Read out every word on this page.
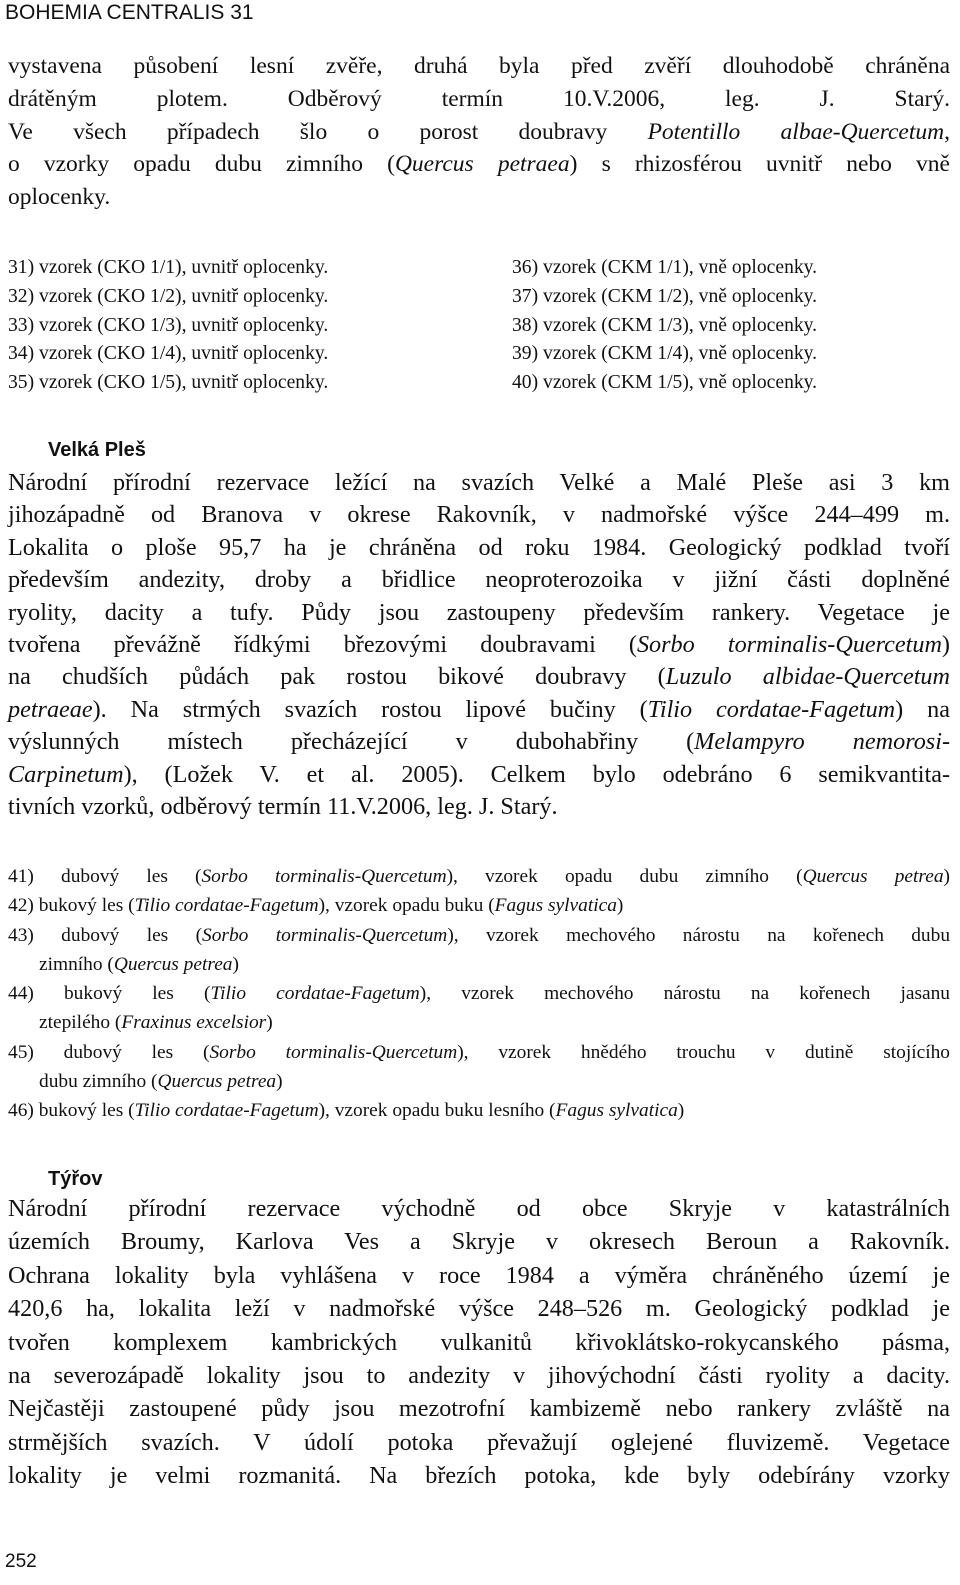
BOHEMIA CENTRALIS 31
vystavena působení lesní zvěře, druhá byla před zvěří dlouhodobě chráněna
drátěným plotem. Odběrový termín 10.V.2006, leg. J. Starý.
Ve všech případech šlo o porost doubravy Potentillo albae-Quercetum,
o vzorky opadu dubu zimního (Quercus petraea) s rhizosférou uvnitř nebo vně
oplocenky.
31) vzorek (CKO 1/1), uvnitř oplocenky.	36) vzorek (CKM 1/1), vně oplocenky.
32) vzorek (CKO 1/2), uvnitř oplocenky.	37) vzorek (CKM 1/2), vně oplocenky.
33) vzorek (CKO 1/3), uvnitř oplocenky.	38) vzorek (CKM 1/3), vně oplocenky.
34) vzorek (CKO 1/4), uvnitř oplocenky.	39) vzorek (CKM 1/4), vně oplocenky.
35) vzorek (CKO 1/5), uvnitř oplocenky.	40) vzorek (CKM 1/5), vně oplocenky.
Velká Pleš
Národní přírodní rezervace ležící na svazích Velké a Malé Pleše asi 3 km
jihozápadně od Branova v okrese Rakovník, v nadmořské výšce 244–499 m.
Lokalita o ploše 95,7 ha je chráněna od roku 1984. Geologický podklad tvoří
především andezity, droby a břidlice neoproterozoika v jižní části doplněné
ryolity, dacity a tufy. Půdy jsou zastoupeny především rankery. Vegetace je
tvořena převážně řídkými březovými doubravami (Sorbo torminalis-Quercetum)
na chudších půdách pak rostou bikové doubravy (Luzulo albidae-Quercetum
petraeae). Na strmých svazích rostou lipové bučiny (Tilio cordatae-Fagetum) na
výslunných místech přecházející v dubohabřiny (Melampyro nemorosi-
Carpinetum), (Ložek V. et al. 2005). Celkem bylo odebráno 6 semikvantita-
tivních vzorků, odběrový termín 11.V.2006, leg. J. Starý.
41) dubový les (Sorbo torminalis-Quercetum), vzorek opadu dubu zimního (Quercus petrea)
42) bukový les (Tilio cordatae-Fagetum), vzorek opadu buku (Fagus sylvatica)
43) dubový les (Sorbo torminalis-Quercetum), vzorek mechového nárostu na kořenech dubu
zimního (Quercus petrea)
44) bukový les (Tilio cordatae-Fagetum), vzorek mechového nárostu na kořenech jasanu
ztepilého (Fraxinus excelsior)
45) dubový les (Sorbo torminalis-Quercetum), vzorek hnědého trouchu v dutině stojícího
dubu zimního (Quercus petrea)
46) bukový les (Tilio cordatae-Fagetum), vzorek opadu buku lesního (Fagus sylvatica)
Týřov
Národní přírodní rezervace východně od obce Skryje v katastrálních
územích Broumy, Karlova Ves a Skryje v okresech Beroun a Rakovník.
Ochrana lokality byla vyhlášena v roce 1984 a výměra chráněného území je
420,6 ha, lokalita leží v nadmořské výšce 248–526 m. Geologický podklad je
tvořen komplexem kambrických vulkanitů křivoklátsko-rokycanského pásma,
na severozápadě lokality jsou to andezity v jihovýchodní části ryolity a dacity.
Nejčastěji zastoupené půdy jsou mezotrofní kambizemě nebo rankery zvláště na
strmějších svazích. V údolí potoka převažují oglejené fluvizemě. Vegetace
lokality je velmi rozmanitá. Na březích potoka, kde byly odebírány vzorky
252
